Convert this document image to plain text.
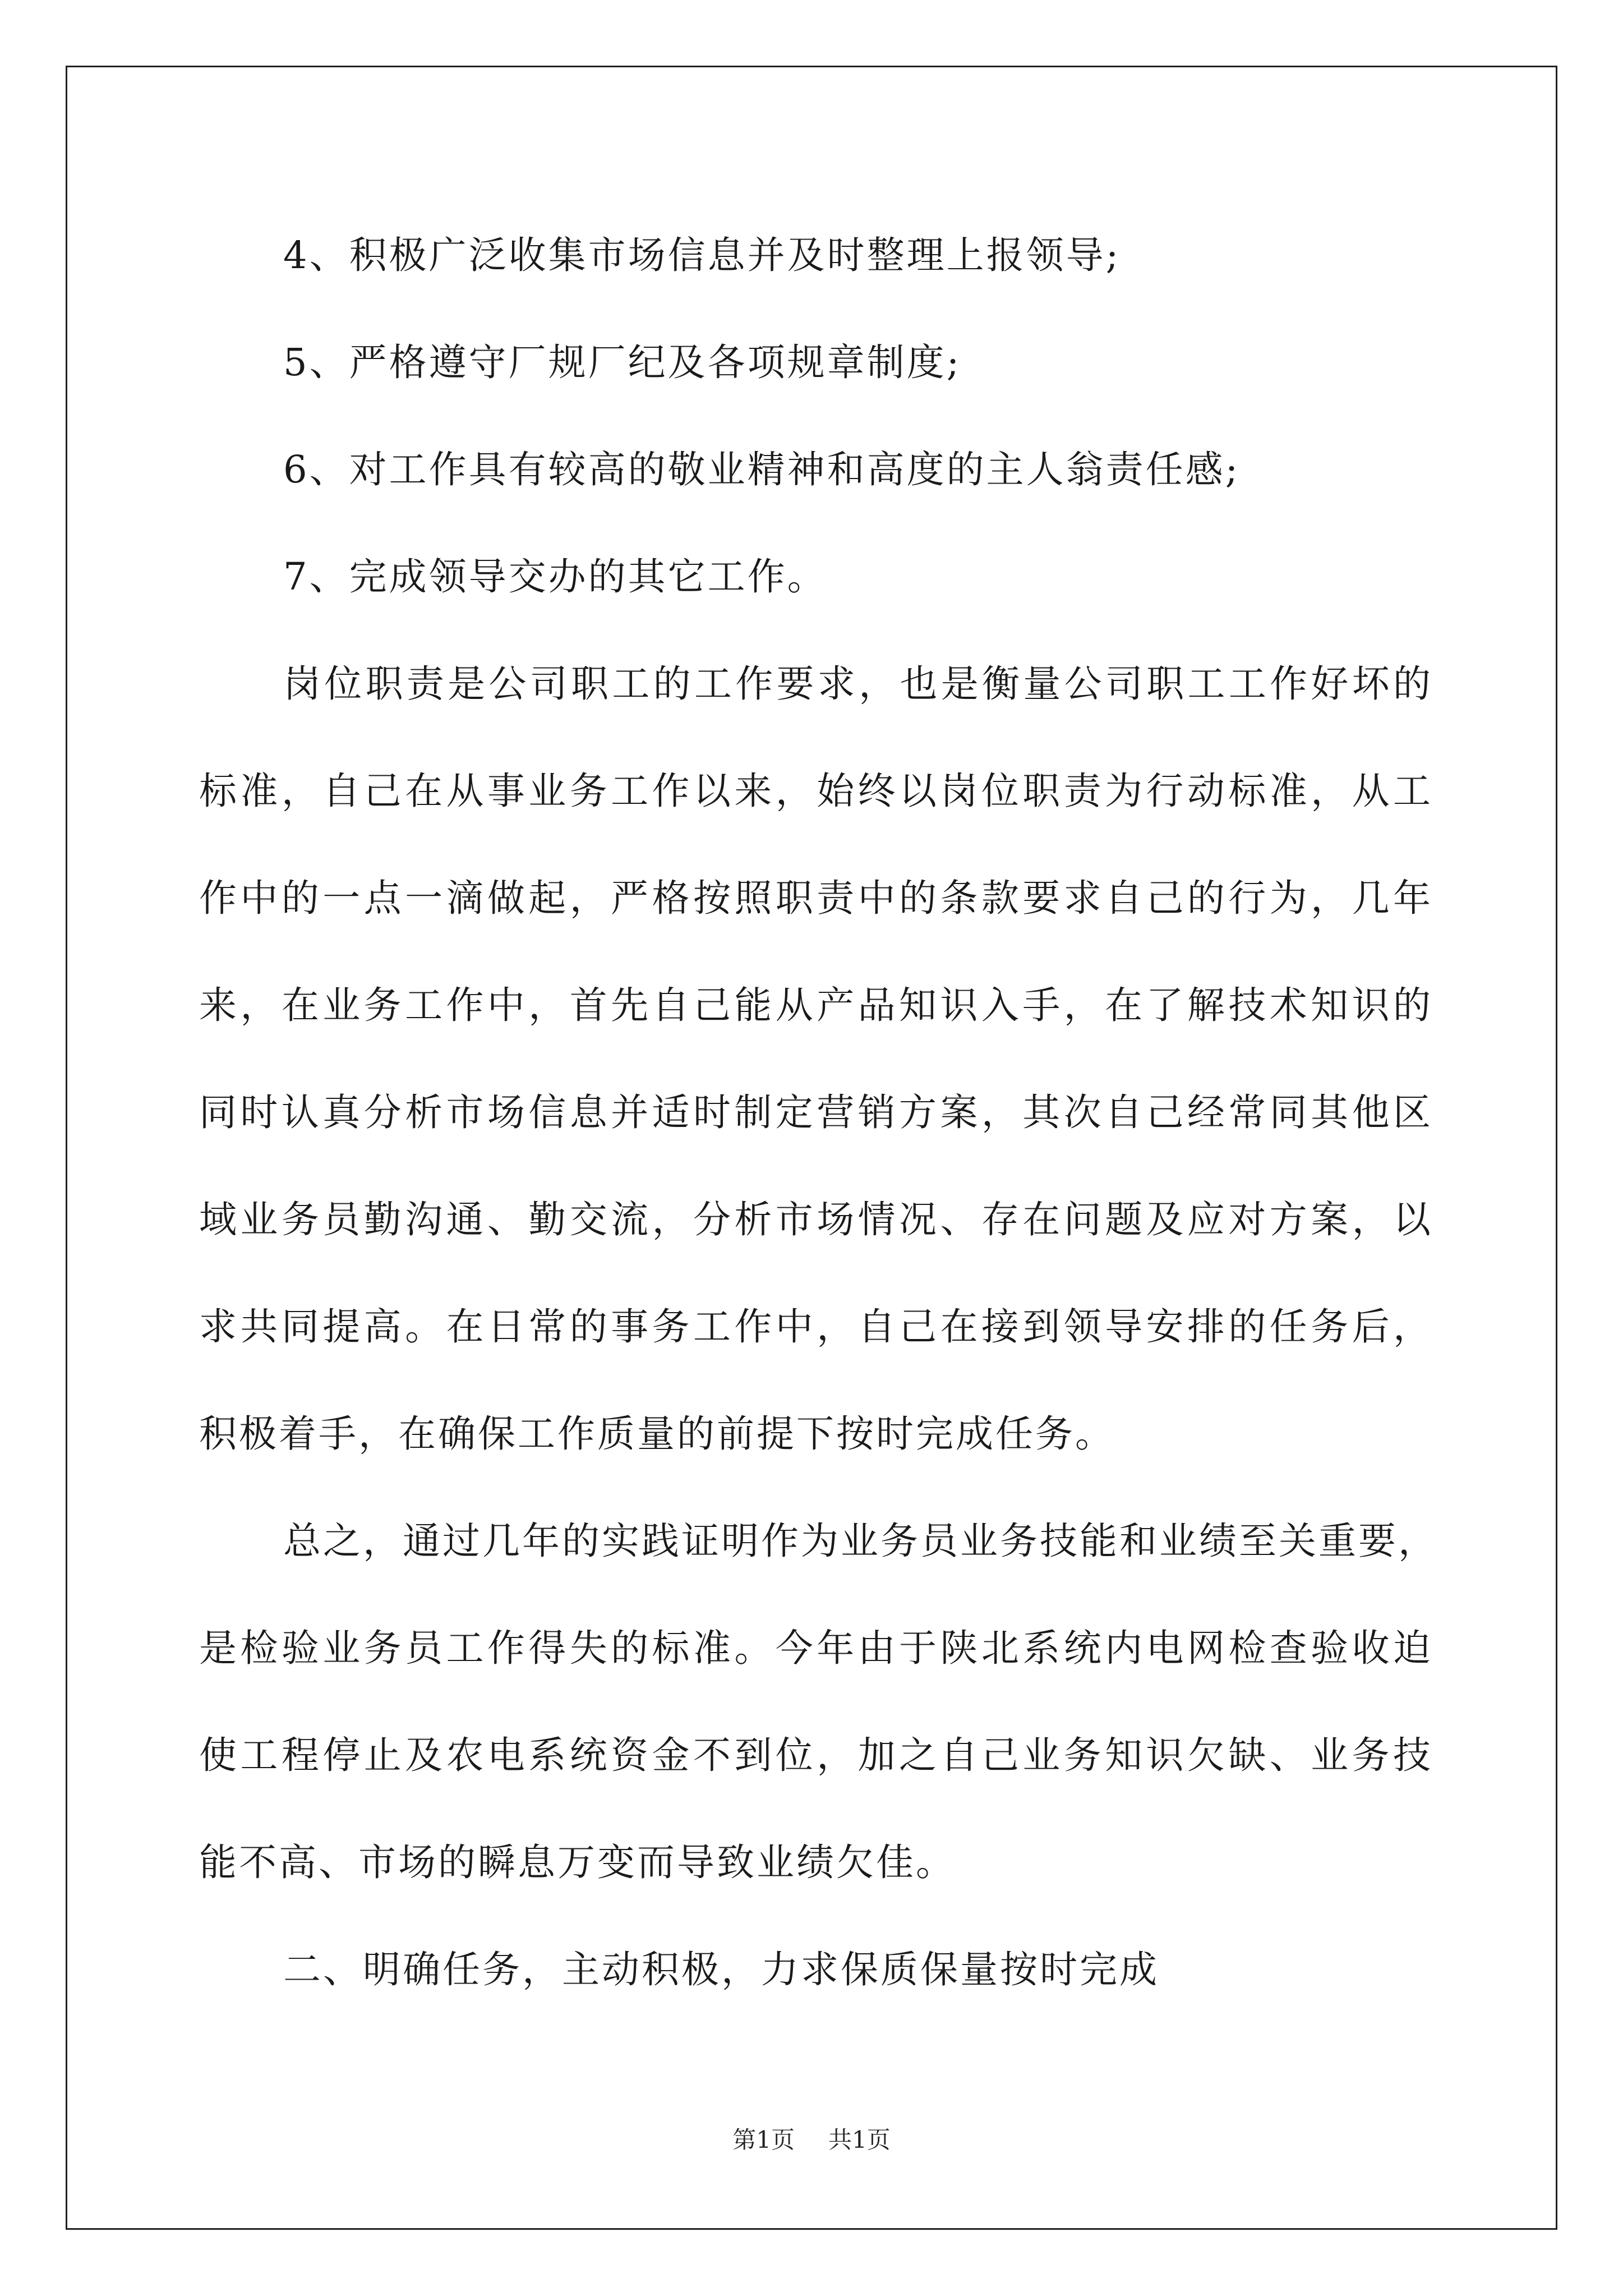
4、积极广泛收集市场信息并及时整理上报领导;
5、严格遵守厂规厂纪及各项规章制度;
6、对工作具有较高的敬业精神和高度的主人翁责任感;
7、完成领导交办的其它工作。
岗位职责是公司职工的工作要求，也是衡量公司职工工作好坏的
标准，自己在从事业务工作以来，始终以岗位职责为行动标准，从工
作中的一点一滴做起，严格按照职责中的条款要求自己的行为，几年
来，在业务工作中，首先自己能从产品知识入手，在了解技术知识的
同时认真分析市场信息并适时制定营销方案，其次自己经常同其他区
域业务员勤沟通、勤交流，分析市场情况、存在问题及应对方案，以
求共同提高。在日常的事务工作中，自己在接到领导安排的任务后，
积极着手，在确保工作质量的前提下按时完成任务。
总之，通过几年的实践证明作为业务员业务技能和业绩至关重要，
是检验业务员工作得失的标准。今年由于陕北系统内电网检查验收迫
使工程停止及农电系统资金不到位，加之自己业务知识欠缺、业务技
能不高、市场的瞬息万变而导致业绩欠佳。
二、明确任务，主动积极，力求保质保量按时完成
第1页 共1页
